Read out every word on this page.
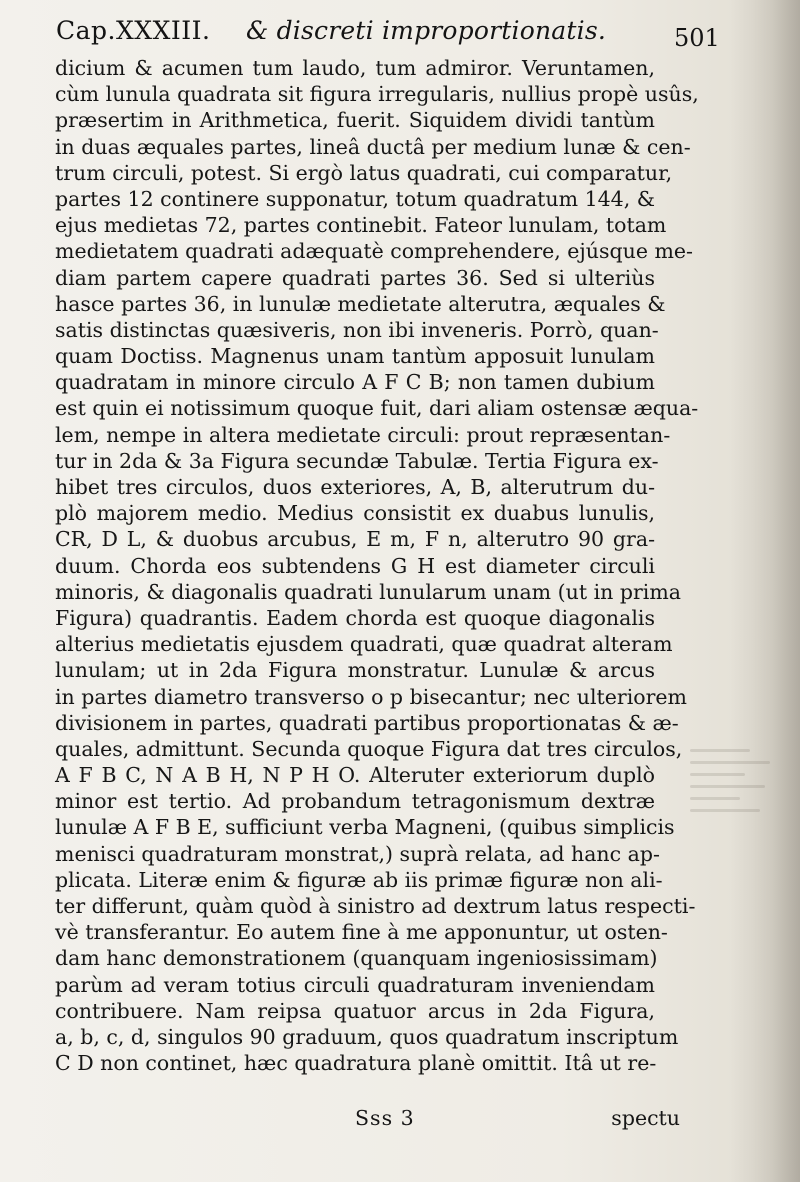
Cap.XXXIII. & discreti improportionatis.	501
dicium & acumen tum laudo, tum admiror. Veruntamen,
cùm lunula quadrata sit figura irregularis, nullius propè usûs,
præsertim in Arithmetica, fuerit. Siquidem dividi tantùm
in duas æquales partes, lineâ ductâ per medium lunæ & cen-
trum circuli, potest. Si ergò latus quadrati, cui comparatur,
partes 12 continere supponatur, totum quadratum 144, &
ejus medietas 72, partes continebit. Fateor lunulam, totam
medietatem quadrati adæquatè comprehendere, ejúsque me-
diam partem capere quadrati partes 36. Sed si ulteriùs
hasce partes 36, in lunulæ medietate alterutra, æquales &
satis distinctas quæsiveris, non ibi inveneris. Porrò, quan-
quam Doctiss. Magnenus unam tantùm apposuit lunulam
quadratam in minore circulo A F C B; non tamen dubium
est quin ei notissimum quoque fuit, dari aliam ostensæ æqua-
lem, nempe in altera medietate circuli: prout repræsentan-
tur in 2da & 3a Figura secundæ Tabulæ. Tertia Figura ex-
hibet tres circulos, duos exteriores, A, B, alterutrum du-
plò majorem medio. Medius consistit ex duabus lunulis,
CR, D L, & duobus arcubus, E m, F n, alterutro 90 gra-
duum. Chorda eos subtendens G H est diameter circuli
minoris, & diagonalis quadrati lunularum unam (ut in prima
Figura) quadrantis. Eadem chorda est quoque diagonalis
alterius medietatis ejusdem quadrati, quæ quadrat alteram
lunulam; ut in 2da Figura monstratur. Lunulæ & arcus
in partes diametro transverso o p bisecantur; nec ulteriorem
divisionem in partes, quadrati partibus proportionatas & æ-
quales, admittunt. Secunda quoque Figura dat tres circulos,
A F B C, N A B H, N P H O. Alteruter exteriorum duplò
minor est tertio. Ad probandum tetragonismum dextræ
lunulæ A F B E, sufficiunt verba Magneni, (quibus simplicis
menisci quadraturam monstrat,) suprà relata, ad hanc ap-
plicata. Literæ enim & figuræ ab iis primæ figuræ non ali-
ter differunt, quàm quòd à sinistro ad dextrum latus respecti-
vè transferantur. Eo autem fine à me apponuntur, ut osten-
dam hanc demonstrationem (quanquam ingeniosissimam)
parùm ad veram totius circuli quadraturam inveniendam
contribuere. Nam reipsa quatuor arcus in 2da Figura,
a, b, c, d, singulos 90 graduum, quos quadratum inscriptum
C D non continet, hæc quadratura planè omittit. Itâ ut re-
Sss 3	spectu
